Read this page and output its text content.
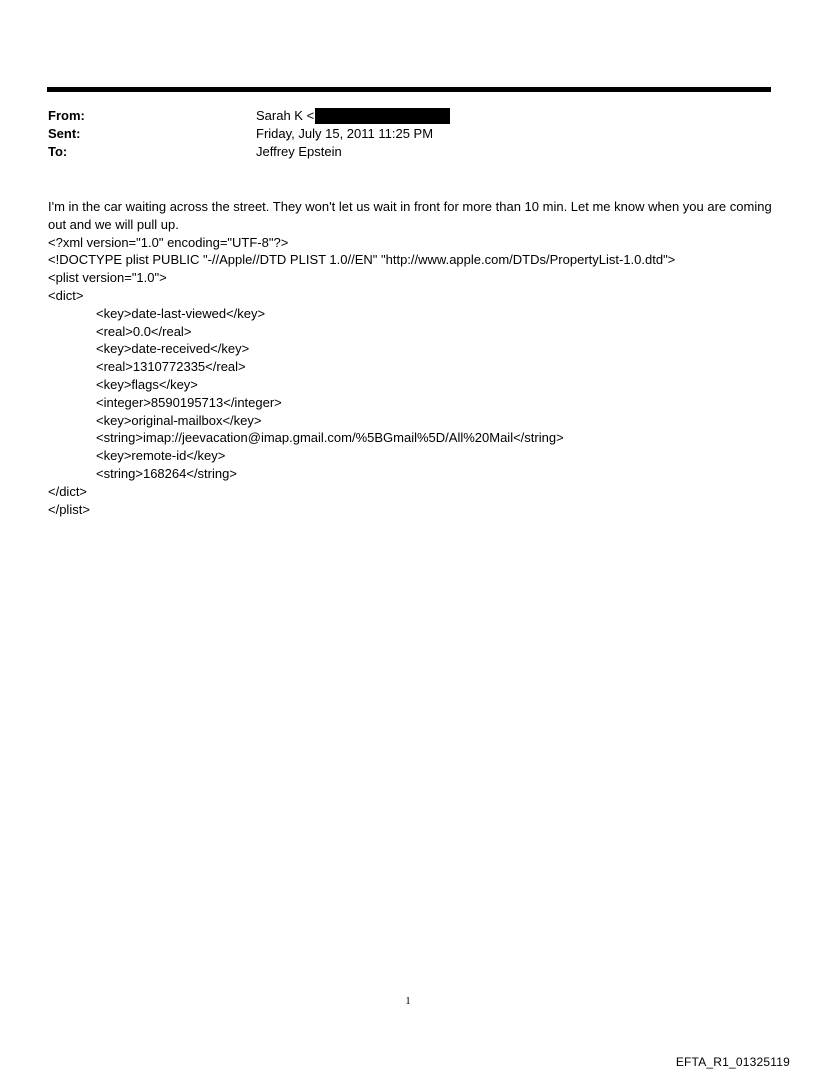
From:	Sarah K <
Sent:	Friday, July 15, 2011 11:25 PM
To:	Jeffrey Epstein

I'm in the car waiting across the street. They won't let us wait in front for more than 10 min. Let me know when you are coming out and we will pull up.

<?xml version="1.0" encoding="UTF-8"?>
<!DOCTYPE plist PUBLIC "-//Apple//DTD PLIST 1.0//EN" "http://www.apple.com/DTDs/PropertyList-1.0.dtd">
<plist version="1.0">
<dict>
<key>date-last-viewed</key>
<real>0.0</real>
<key>date-received</key>
<real>1310772335</real>
<key>flags</key>
<integer>8590195713</integer>
<key>original-mailbox</key>
<string>imap://jeevacation@imap.gmail.com/%5BGmail%5D/All%20Mail</string>
<key>remote-id</key>
<string>168264</string>
</dict>
</plist>
1
EFTA_R1_01325119
